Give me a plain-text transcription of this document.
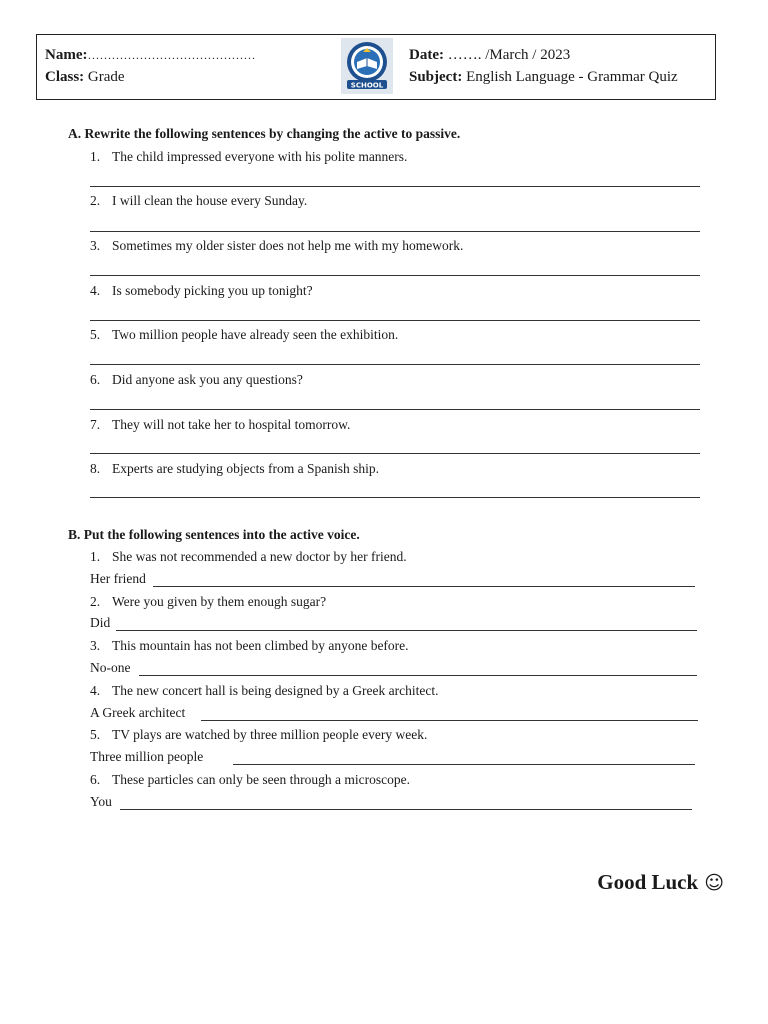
Name:……………………………………
Class: Grade
SCHOOL
Date: ……. /March / 2023
Subject: English Language - Grammar Quiz
A. Rewrite the following sentences by changing the active to passive.
1. The child impressed everyone with his polite manners.
2. I will clean the house every Sunday.
3. Sometimes my older sister does not help me with my homework.
4. Is somebody picking you up tonight?
5. Two million people have already seen the exhibition.
6. Did anyone ask you any questions?
7. They will not take her to hospital tomorrow.
8. Experts are studying objects from a Spanish ship.
B. Put the following sentences into the active voice.
1. She was not recommended a new doctor by her friend.
Her friend
2. Were you given by them enough sugar?
Did
3. This mountain has not been climbed by anyone before.
No-one
4. The new concert hall is being designed by a Greek architect.
A Greek architect
5. TV plays are watched by three million people every week.
Three million people
6. These particles can only be seen through a microscope.
You
Good Luck ☺
